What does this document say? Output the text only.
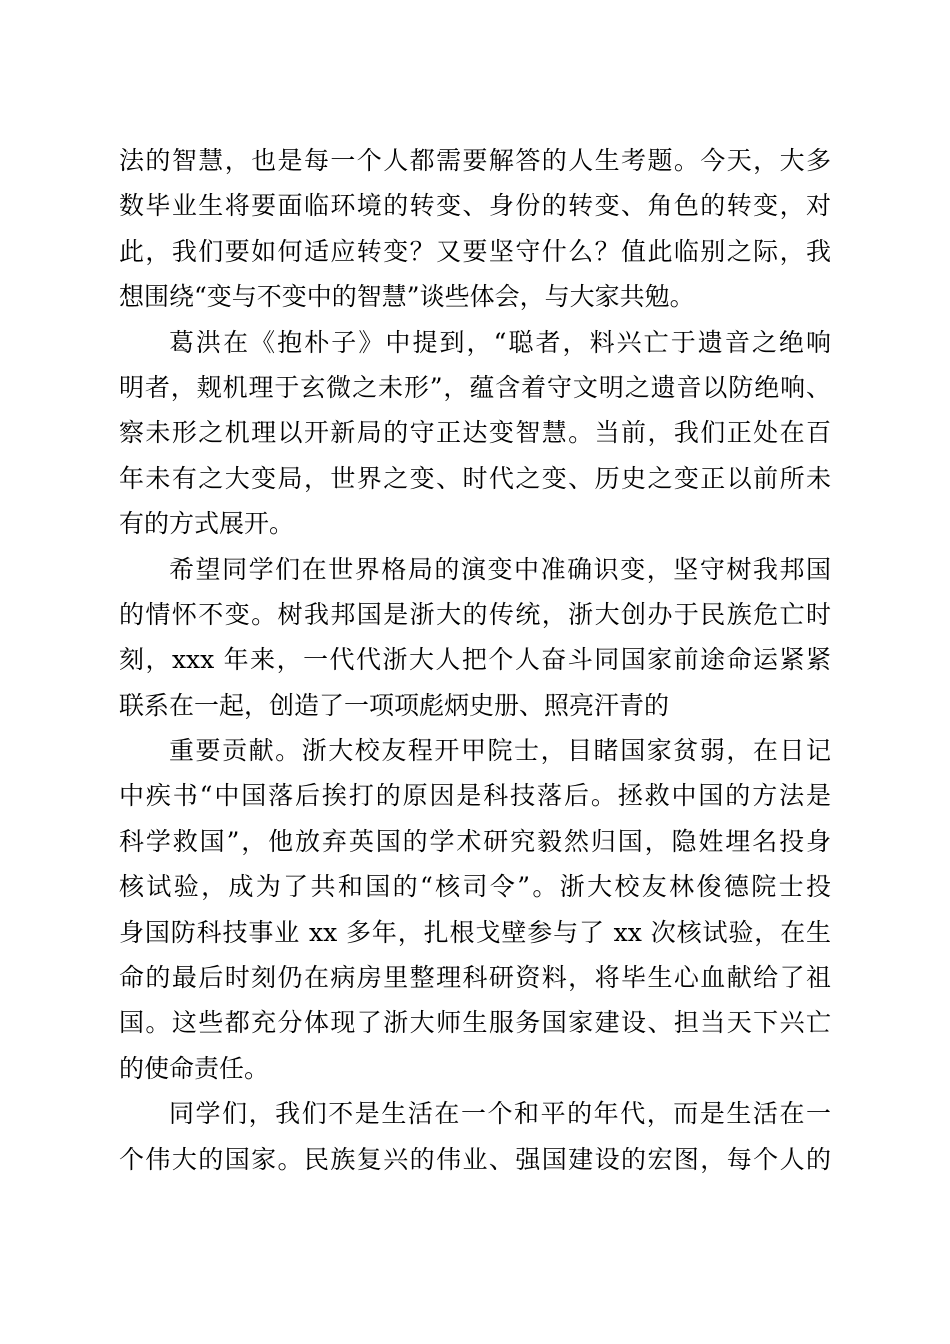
法的智慧，也是每一个人都需要解答的人生考题。今天，大多
数毕业生将要面临环境的转变、身份的转变、角色的转变，对
此，我们要如何适应转变？又要坚守什么？值此临别之际，我
想围绕“变与不变中的智慧”谈些体会，与大家共勉。
葛洪在《抱朴子》中提到，“聪者，料兴亡于遗音之绝响
明者，觌机理于玄微之未形”，蕴含着守文明之遗音以防绝响、
察未形之机理以开新局的守正达变智慧。当前，我们正处在百
年未有之大变局，世界之变、时代之变、历史之变正以前所未
有的方式展开。
希望同学们在世界格局的演变中准确识变，坚守树我邦国
的情怀不变。树我邦国是浙大的传统，浙大创办于民族危亡时
刻，xxx 年来，一代代浙大人把个人奋斗同国家前途命运紧紧
联系在一起，创造了一项项彪炳史册、照亮汗青的
重要贡献。浙大校友程开甲院士，目睹国家贫弱，在日记
中疾书“中国落后挨打的原因是科技落后。拯救中国的方法是
科学救国”，他放弃英国的学术研究毅然归国，隐姓埋名投身
核试验，成为了共和国的“核司令”。浙大校友林俊德院士投
身国防科技事业 xx 多年，扎根戈壁参与了 xx 次核试验，在生
命的最后时刻仍在病房里整理科研资料，将毕生心血献给了祖
国。这些都充分体现了浙大师生服务国家建设、担当天下兴亡
的使命责任。
同学们，我们不是生活在一个和平的年代，而是生活在一
个伟大的国家。民族复兴的伟业、强国建设的宏图，每个人的
